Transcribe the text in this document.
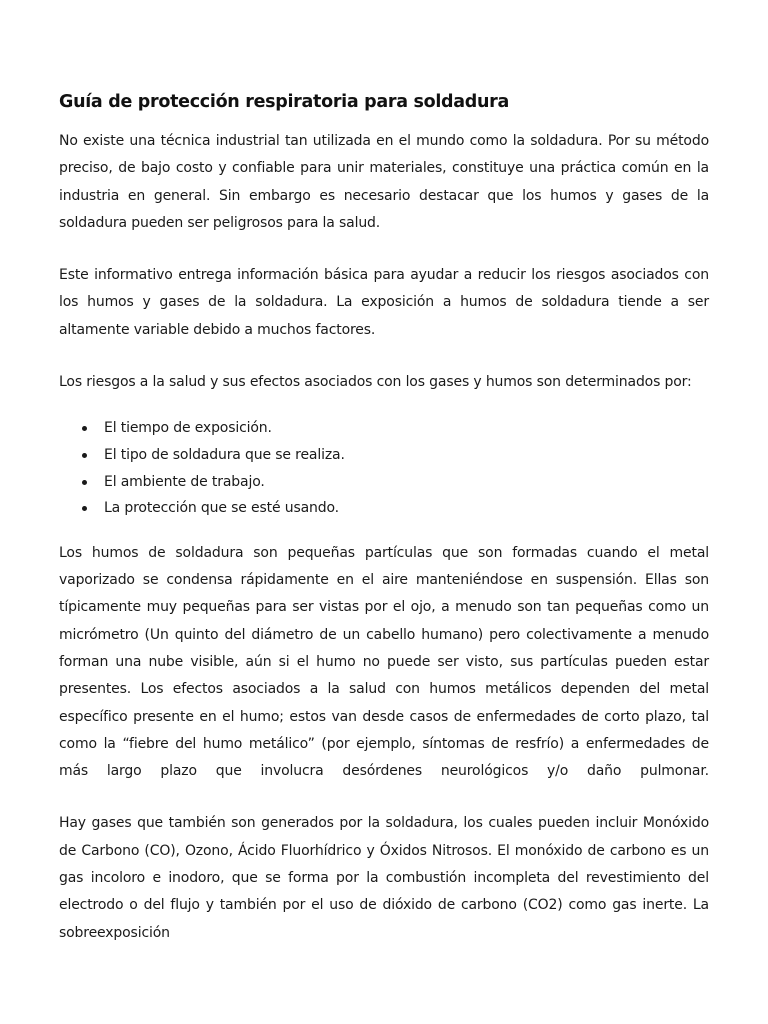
Guía de protección respiratoria para soldadura

No existe una técnica industrial tan utilizada en el mundo como la soldadura. Por su método preciso, de bajo costo y confiable para unir materiales, constituye una práctica común en la industria en general. Sin embargo es necesario destacar que los humos y gases de la soldadura pueden ser peligrosos para la salud.

Este informativo entrega información básica para ayudar a reducir los riesgos asociados con los humos y gases de la soldadura. La exposición a humos de soldadura tiende a ser altamente variable debido a muchos factores.

Los riesgos a la salud y sus efectos asociados con los gases y humos son determinados por:

El tiempo de exposición.
El tipo de soldadura que se realiza.
El ambiente de trabajo.
La protección que se esté usando.

Los humos de soldadura son pequeñas partículas que son formadas cuando el metal vaporizado se condensa rápidamente en el aire manteniéndose en suspensión. Ellas son típicamente muy pequeñas para ser vistas por el ojo, a menudo son tan pequeñas como un micrómetro (Un quinto del diámetro de un cabello humano) pero colectivamente a menudo forman una nube visible, aún si el humo no puede ser visto, sus partículas pueden estar presentes. Los efectos asociados a la salud con humos metálicos dependen del metal específico presente en el humo; estos van desde casos de enfermedades de corto plazo, tal como la “fiebre del humo metálico” (por ejemplo, síntomas de resfrío) a enfermedades de más largo plazo que involucra desórdenes neurológicos y/o daño pulmonar.

Hay gases que también son generados por la soldadura, los cuales pueden incluir Monóxido de Carbono (CO), Ozono, Ácido Fluorhídrico y Óxidos Nitrosos. El monóxido de carbono es un gas incoloro e inodoro, que se forma por la combustión incompleta del revestimiento del electrodo o del flujo y también por el uso de dióxido de carbono (CO2) como gas inerte. La sobreexposición
